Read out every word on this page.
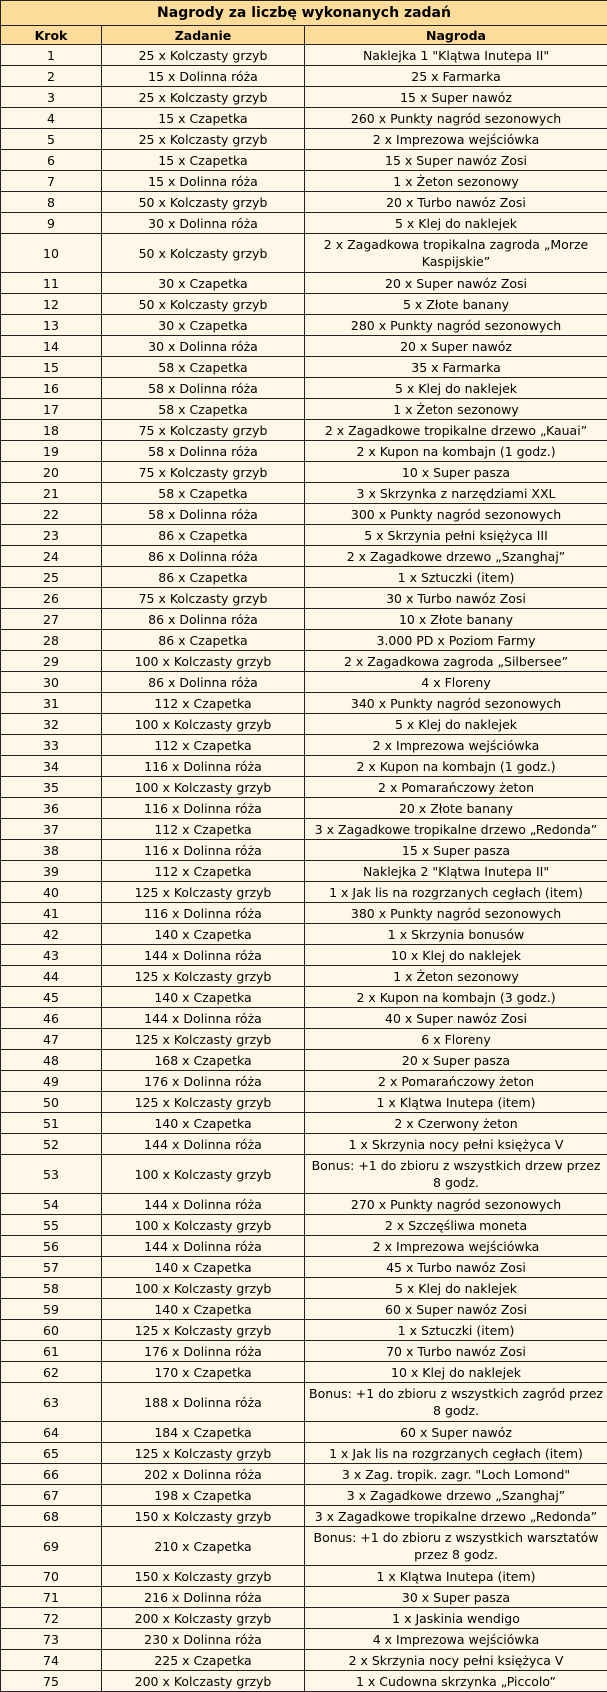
Nagrody za liczbę wykonanych zadań		
Krok	Zadanie	Nagroda
1	25 x Kolczasty grzyb	Naklejka 1 "Klątwa Inutepa II"
2	15 x Dolinna róża	25 x Farmarka
3	25 x Kolczasty grzyb	15 x Super nawóz
4	15 x Czapetka	260 x Punkty nagród sezonowych
5	25 x Kolczasty grzyb	2 x Imprezowa wejściówka
6	15 x Czapetka	15 x Super nawóz Zosi
7	15 x Dolinna róża	1 x Żeton sezonowy
8	50 x Kolczasty grzyb	20 x Turbo nawóz Zosi
9	30 x Dolinna róża	5 x Klej do naklejek
10	50 x Kolczasty grzyb	2 x Zagadkowa tropikalna zagroda „Morze Kaspijskie”
11	30 x Czapetka	20 x Super nawóz Zosi
12	50 x Kolczasty grzyb	5 x Złote banany
13	30 x Czapetka	280 x Punkty nagród sezonowych
14	30 x Dolinna róża	20 x Super nawóz
15	58 x Czapetka	35 x Farmarka
16	58 x Dolinna róża	5 x Klej do naklejek
17	58 x Czapetka	1 x Żeton sezonowy
18	75 x Kolczasty grzyb	2 x Zagadkowe tropikalne drzewo „Kauai”
19	58 x Dolinna róża	2 x Kupon na kombajn (1 godz.)
20	75 x Kolczasty grzyb	10 x Super pasza
21	58 x Czapetka	3 x Skrzynka z narzędziami XXL
22	58 x Dolinna róża	300 x Punkty nagród sezonowych
23	86 x Czapetka	5 x Skrzynia pełni księżyca III
24	86 x Dolinna róża	2 x Zagadkowe drzewo „Szanghaj”
25	86 x Czapetka	1 x Sztuczki (item)
26	75 x Kolczasty grzyb	30 x Turbo nawóz Zosi
27	86 x Dolinna róża	10 x Złote banany
28	86 x Czapetka	3.000 PD x Poziom Farmy
29	100 x Kolczasty grzyb	2 x Zagadkowa zagroda „Silbersee”
30	86 x Dolinna róża	4 x Floreny
31	112 x Czapetka	340 x Punkty nagród sezonowych
32	100 x Kolczasty grzyb	5 x Klej do naklejek
33	112 x Czapetka	2 x Imprezowa wejściówka
34	116 x Dolinna róża	2 x Kupon na kombajn (1 godz.)
35	100 x Kolczasty grzyb	2 x Pomarańczowy żeton
36	116 x Dolinna róża	20 x Złote banany
37	112 x Czapetka	3 x Zagadkowe tropikalne drzewo „Redonda”
38	116 x Dolinna róża	15 x Super pasza
39	112 x Czapetka	Naklejka 2 "Klątwa Inutepa II"
40	125 x Kolczasty grzyb	1 x Jak lis na rozgrzanych cegłach (item)
41	116 x Dolinna róża	380 x Punkty nagród sezonowych
42	140 x Czapetka	1 x Skrzynia bonusów
43	144 x Dolinna róża	10 x Klej do naklejek
44	125 x Kolczasty grzyb	1 x Żeton sezonowy
45	140 x Czapetka	2 x Kupon na kombajn (3 godz.)
46	144 x Dolinna róża	40 x Super nawóz Zosi
47	125 x Kolczasty grzyb	6 x Floreny
48	168 x Czapetka	20 x Super pasza
49	176 x Dolinna róża	2 x Pomarańczowy żeton
50	125 x Kolczasty grzyb	1 x Klątwa Inutepa (item)
51	140 x Czapetka	2 x Czerwony żeton
52	144 x Dolinna róża	1 x Skrzynia nocy pełni księżyca V
53	100 x Kolczasty grzyb	Bonus: +1 do zbioru z wszystkich drzew przez 8 godz.
54	144 x Dolinna róża	270 x Punkty nagród sezonowych
55	100 x Kolczasty grzyb	2 x Szczęśliwa moneta
56	144 x Dolinna róża	2 x Imprezowa wejściówka
57	140 x Czapetka	45 x Turbo nawóz Zosi
58	100 x Kolczasty grzyb	5 x Klej do naklejek
59	140 x Czapetka	60 x Super nawóz Zosi
60	125 x Kolczasty grzyb	1 x Sztuczki (item)
61	176 x Dolinna róża	70 x Turbo nawóz Zosi
62	170 x Czapetka	10 x Klej do naklejek
63	188 x Dolinna róża	Bonus: +1 do zbioru z wszystkich zagród przez 8 godz.
64	184 x Czapetka	60 x Super nawóz
65	125 x Kolczasty grzyb	1 x Jak lis na rozgrzanych cegłach (item)
66	202 x Dolinna róża	3 x Zag. tropik. zagr. "Loch Lomond"
67	198 x Czapetka	3 x Zagadkowe drzewo „Szanghaj”
68	150 x Kolczasty grzyb	3 x Zagadkowe tropikalne drzewo „Redonda”
69	210 x Czapetka	Bonus: +1 do zbioru z wszystkich warsztatów przez 8 godz.
70	150 x Kolczasty grzyb	1 x Klątwa Inutepa (item)
71	216 x Dolinna róża	30 x Super pasza
72	200 x Kolczasty grzyb	1 x Jaskinia wendigo
73	230 x Dolinna róża	4 x Imprezowa wejściówka
74	225 x Czapetka	2 x Skrzynia nocy pełni księżyca V
75	200 x Kolczasty grzyb	1 x Cudowna skrzynka „Piccolo”
